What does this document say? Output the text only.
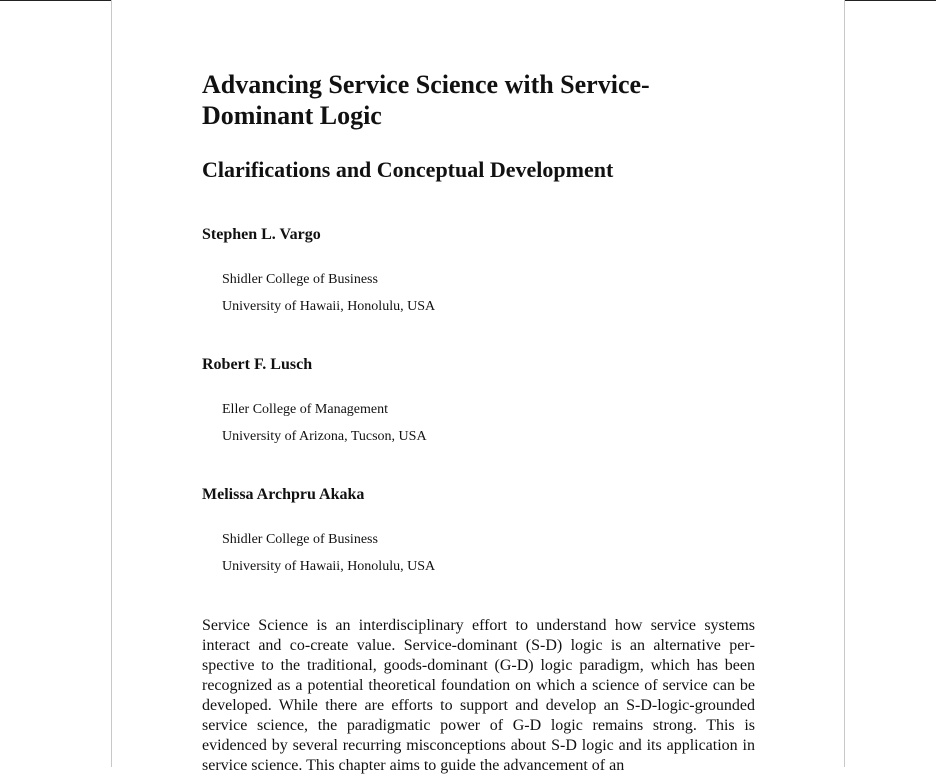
Advancing Service Science with Service-Dominant Logic
Clarifications and Conceptual Development

Stephen L. Vargo

Shidler College of Business

University of Hawaii, Honolulu, USA

Robert F. Lusch

Eller College of Management

University of Arizona, Tucson, USA

Melissa Archpru Akaka

Shidler College of Business

University of Hawaii, Honolulu, USA

Service Science is an interdisciplinary effort to understand how service systems interact and co-create value. Service-dominant (S-D) logic is an alternative perspective to the traditional, goods-dominant (G-D) logic paradigm, which has been recognized as a potential theoretical foundation on which a science of service can be developed. While there are efforts to support and develop an S-D-logic-grounded service science, the paradigmatic power of G-D logic remains strong. This is evidenced by several recurring misconceptions about S-D logic and its application in service science. This chapter aims to guide the advancement of an
